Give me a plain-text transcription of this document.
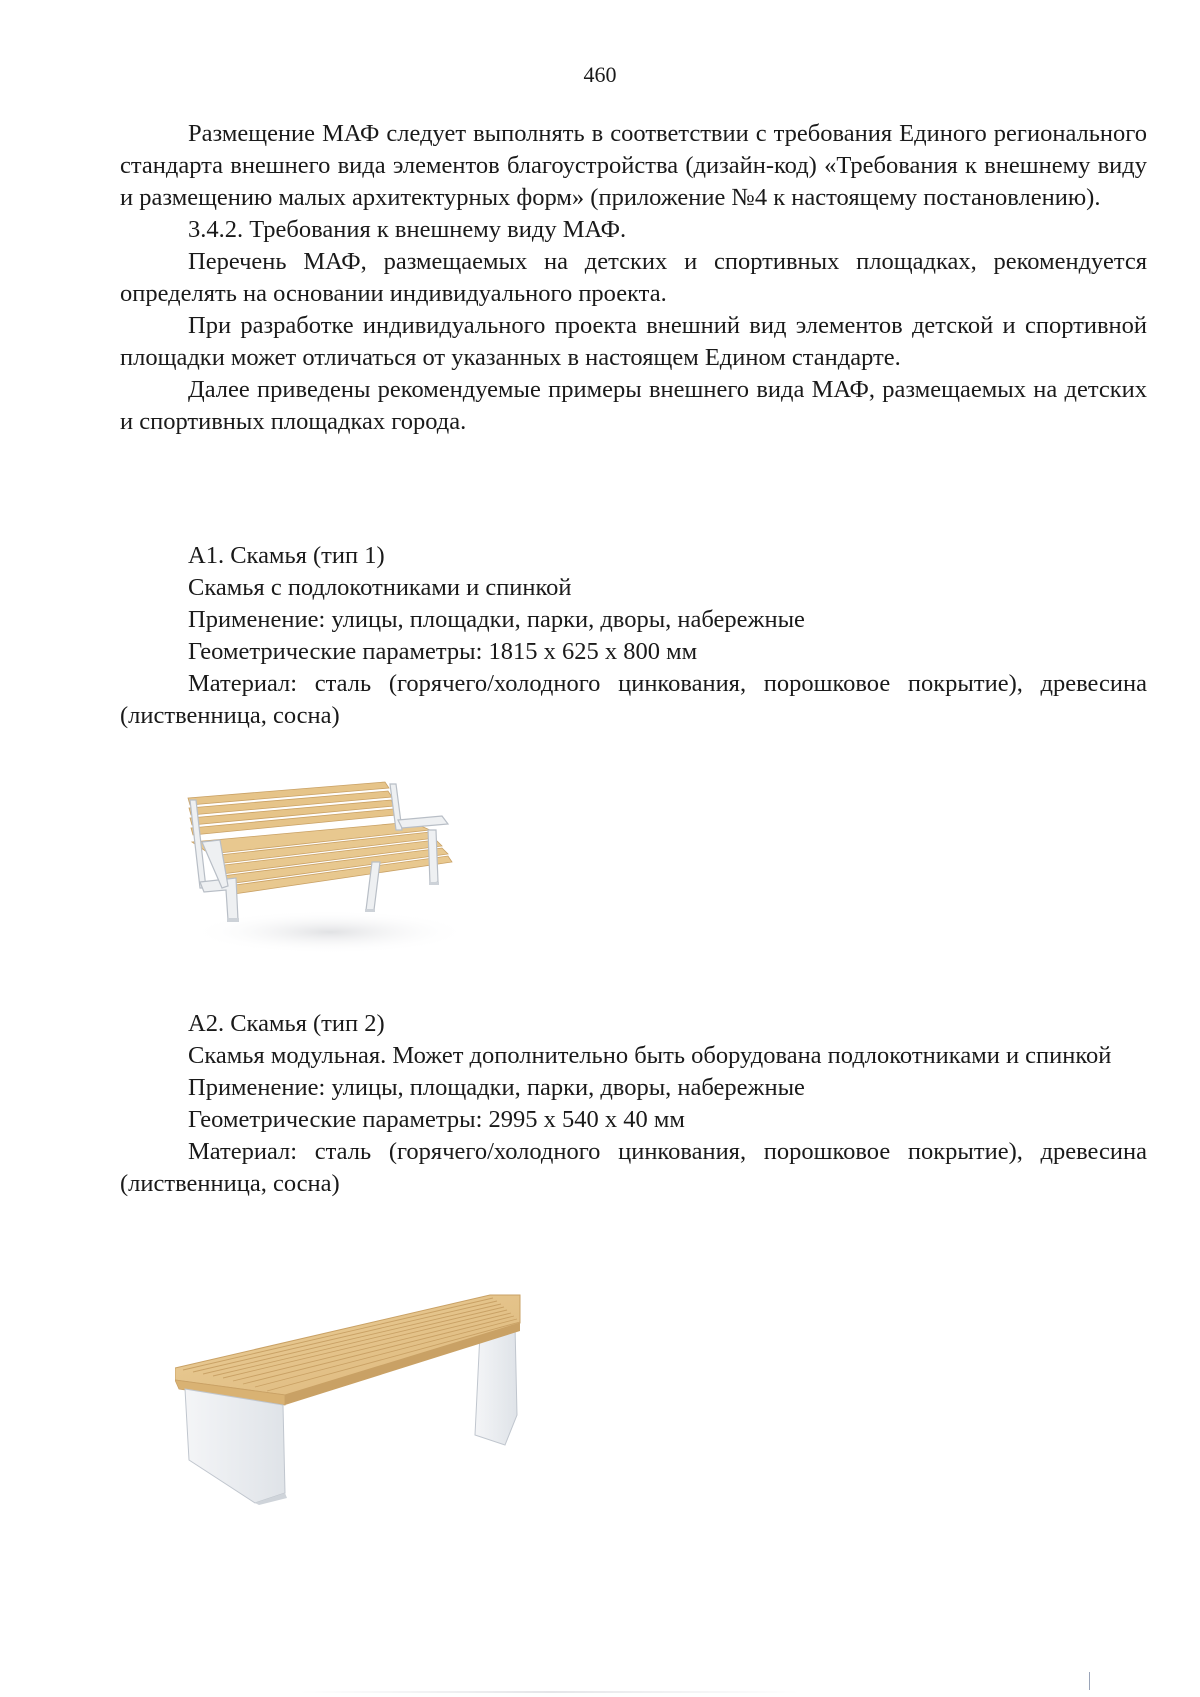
460

Размещение МАФ следует выполнять в соответствии с требования Единого регионального стандарта внешнего вида элементов благоустройства (дизайн-код) «Требования к внешнему виду и размещению малых архитектурных форм» (приложение №4 к настоящему постановлению).

3.4.2. Требования к внешнему виду МАФ.

Перечень МАФ, размещаемых на детских и спортивных площадках, рекомендуется определять на основании индивидуального проекта.

При разработке индивидуального проекта внешний вид элементов детской и спортивной площадки может отличаться от указанных в настоящем Едином стандарте.

Далее приведены рекомендуемые примеры внешнего вида МАФ, размещаемых на детских и спортивных площадках города.

А1. Скамья (тип 1)

Скамья с подлокотниками и спинкой

Применение: улицы, площадки, парки, дворы, набережные

Геометрические параметры: 1815 х 625 х 800 мм

Материал: сталь (горячего/холодного цинкования, порошковое покрытие), древесина (лиственница, сосна)

А2. Скамья (тип 2)

Скамья модульная. Может дополнительно быть оборудована подлокотниками и спинкой

Применение: улицы, площадки, парки, дворы, набережные

Геометрические параметры: 2995 х 540 х 40 мм

Материал: сталь (горячего/холодного цинкования, порошковое покрытие), древесина (лиственница, сосна)
